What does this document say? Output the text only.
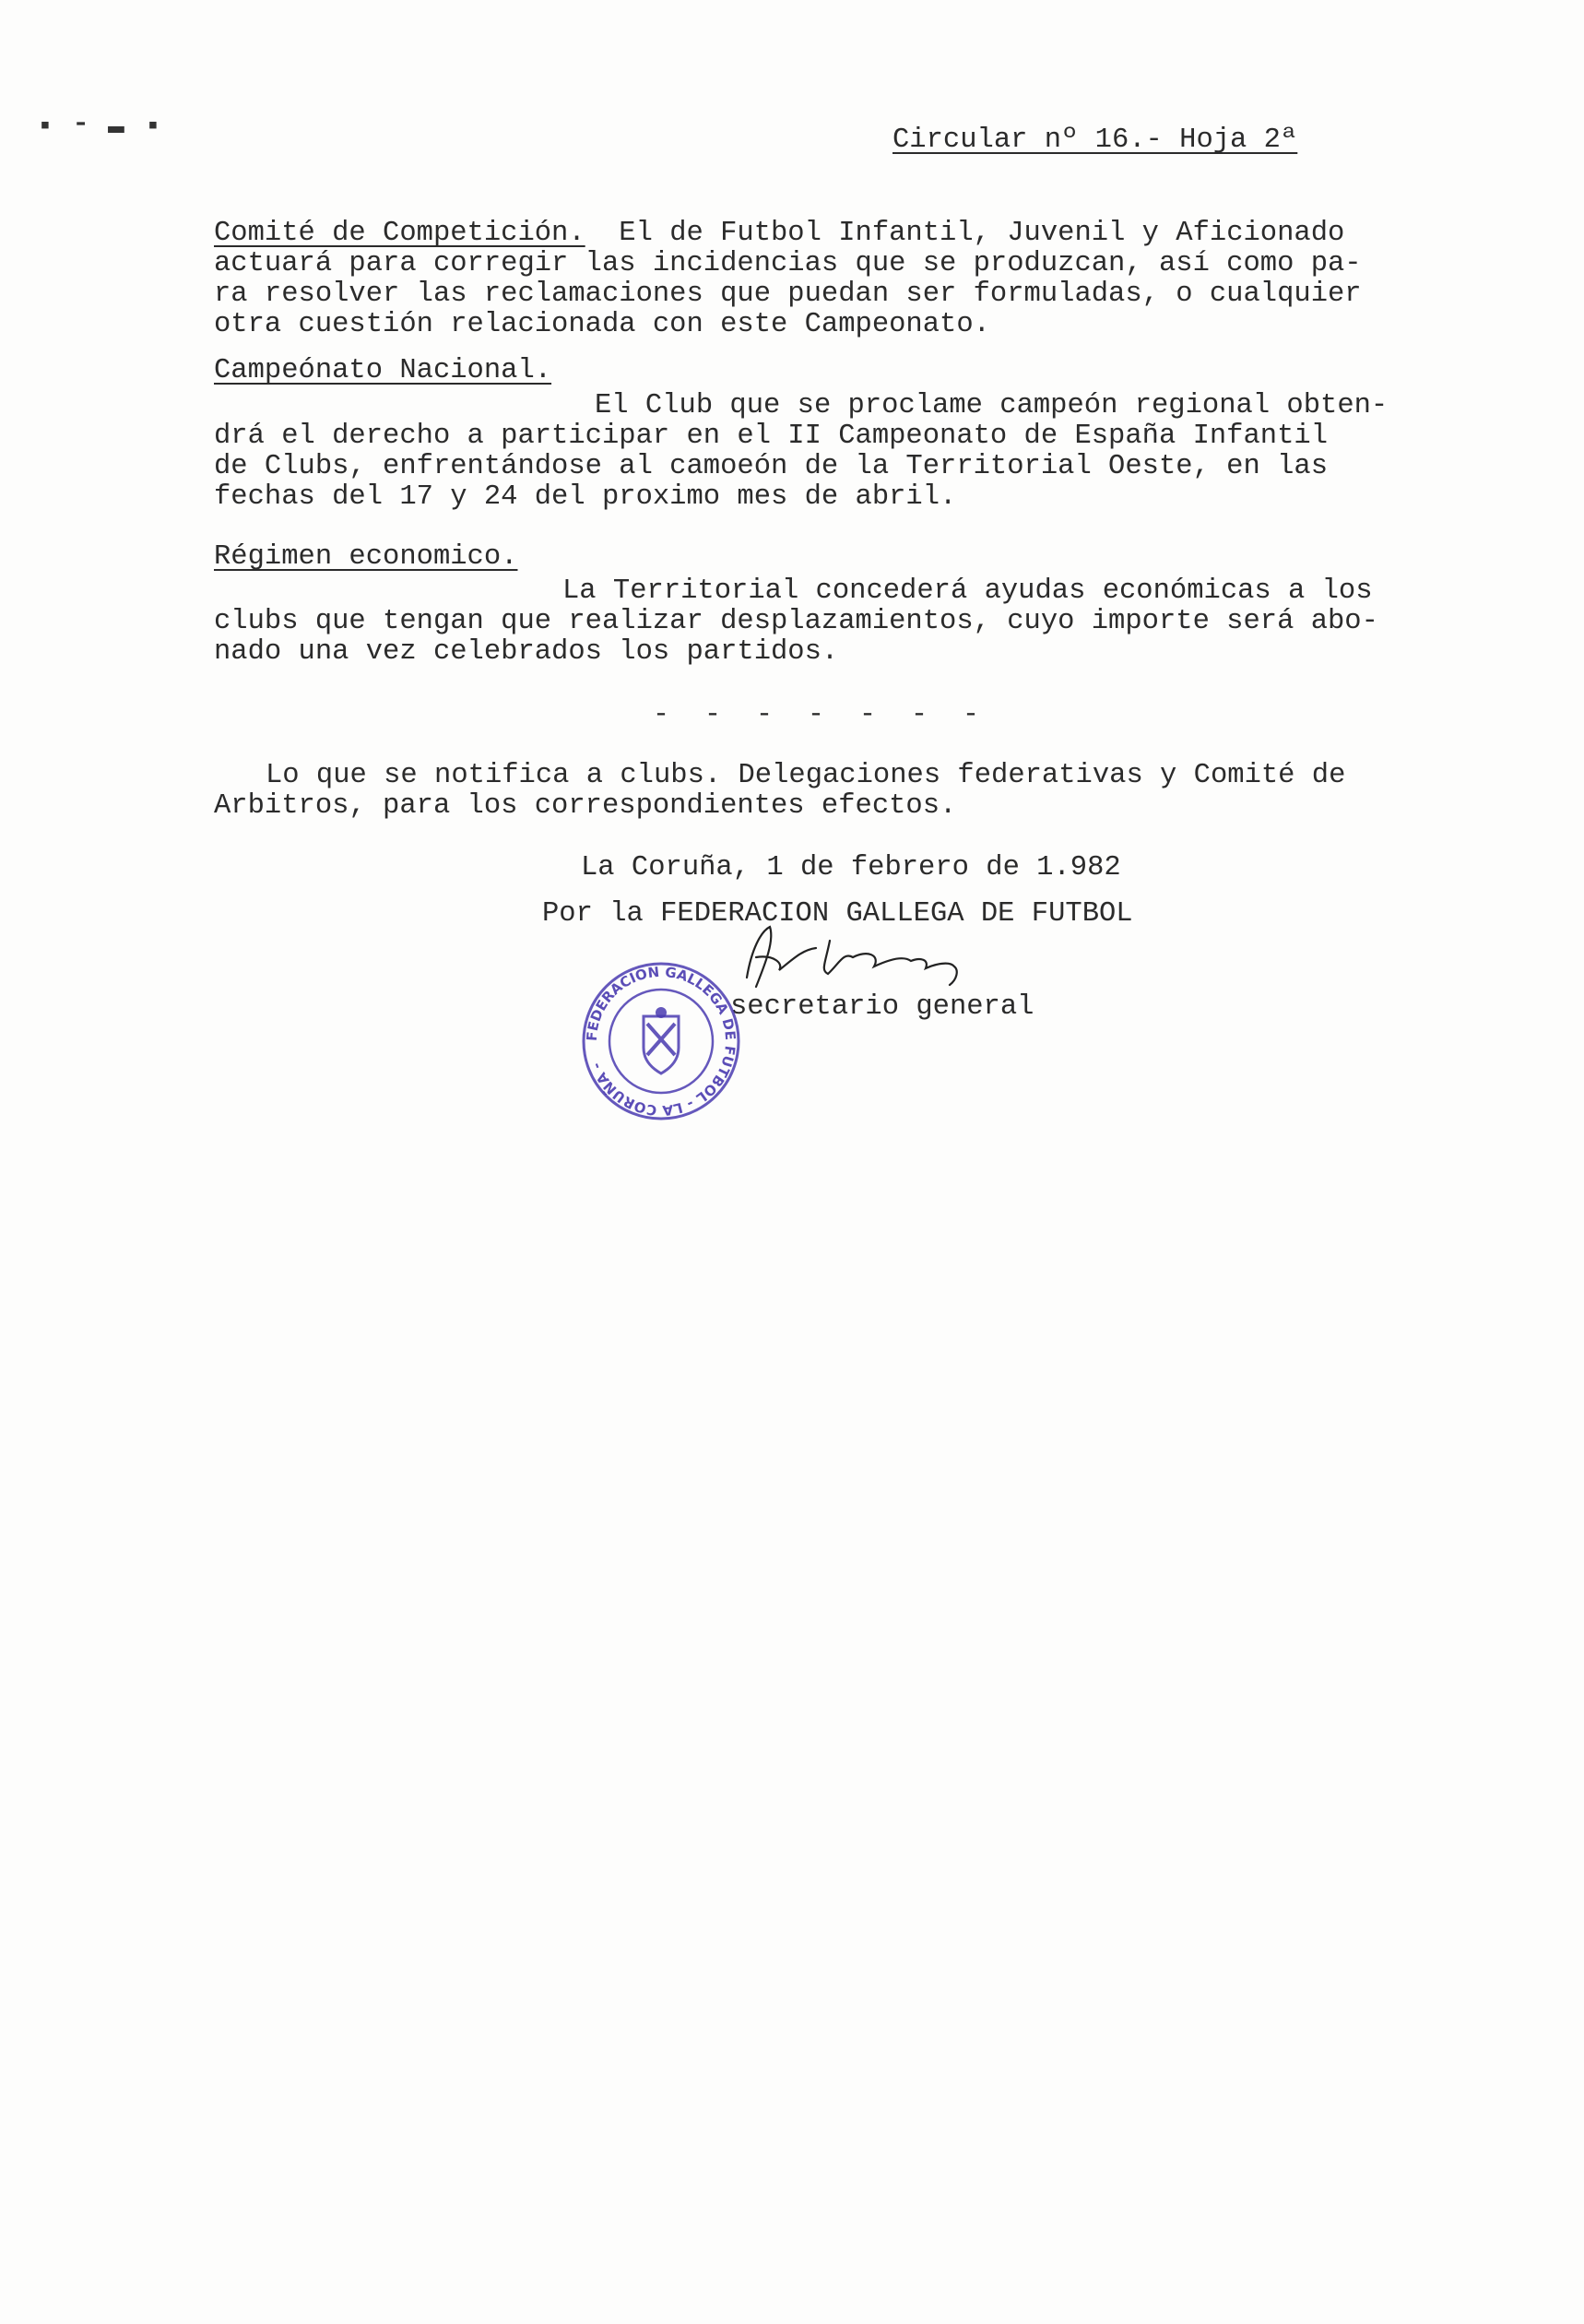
▪ ⁃ ▬ ▪	Circular nº 16.- Hoja 2ª
Comité de Competición. El de Futbol Infantil, Juvenil y Aficionado
actuará para corregir las incidencias que se produzcan, así como pa-
ra resolver las reclamaciones que puedan ser formuladas, o cualquier
otra cuestión relacionada con este Campeonato.
Campeónato Nacional.
El Club que se proclame campeón regional obten-
drá el derecho a participar en el II Campeonato de España Infantil
de Clubs, enfrentándose al camoeón de la Territorial Oeste, en las
fechas del 17 y 24 del proximo mes de abril.
Régimen economico.
La Territorial concederá ayudas económicas a los
clubs que tengan que realizar desplazamientos, cuyo importe será abo-
nado una vez celebrados los partidos.
- - - - - - -
Lo que se notifica a clubs. Delegaciones federativas y Comité de
Arbitros, para los correspondientes efectos.
La Coruña, 1 de febrero de 1.982
Por la FEDERACION GALLEGA DE FUTBOL
secretario general
FEDERACION GALLEGA DE FUTBOL - LA CORUÑA -
